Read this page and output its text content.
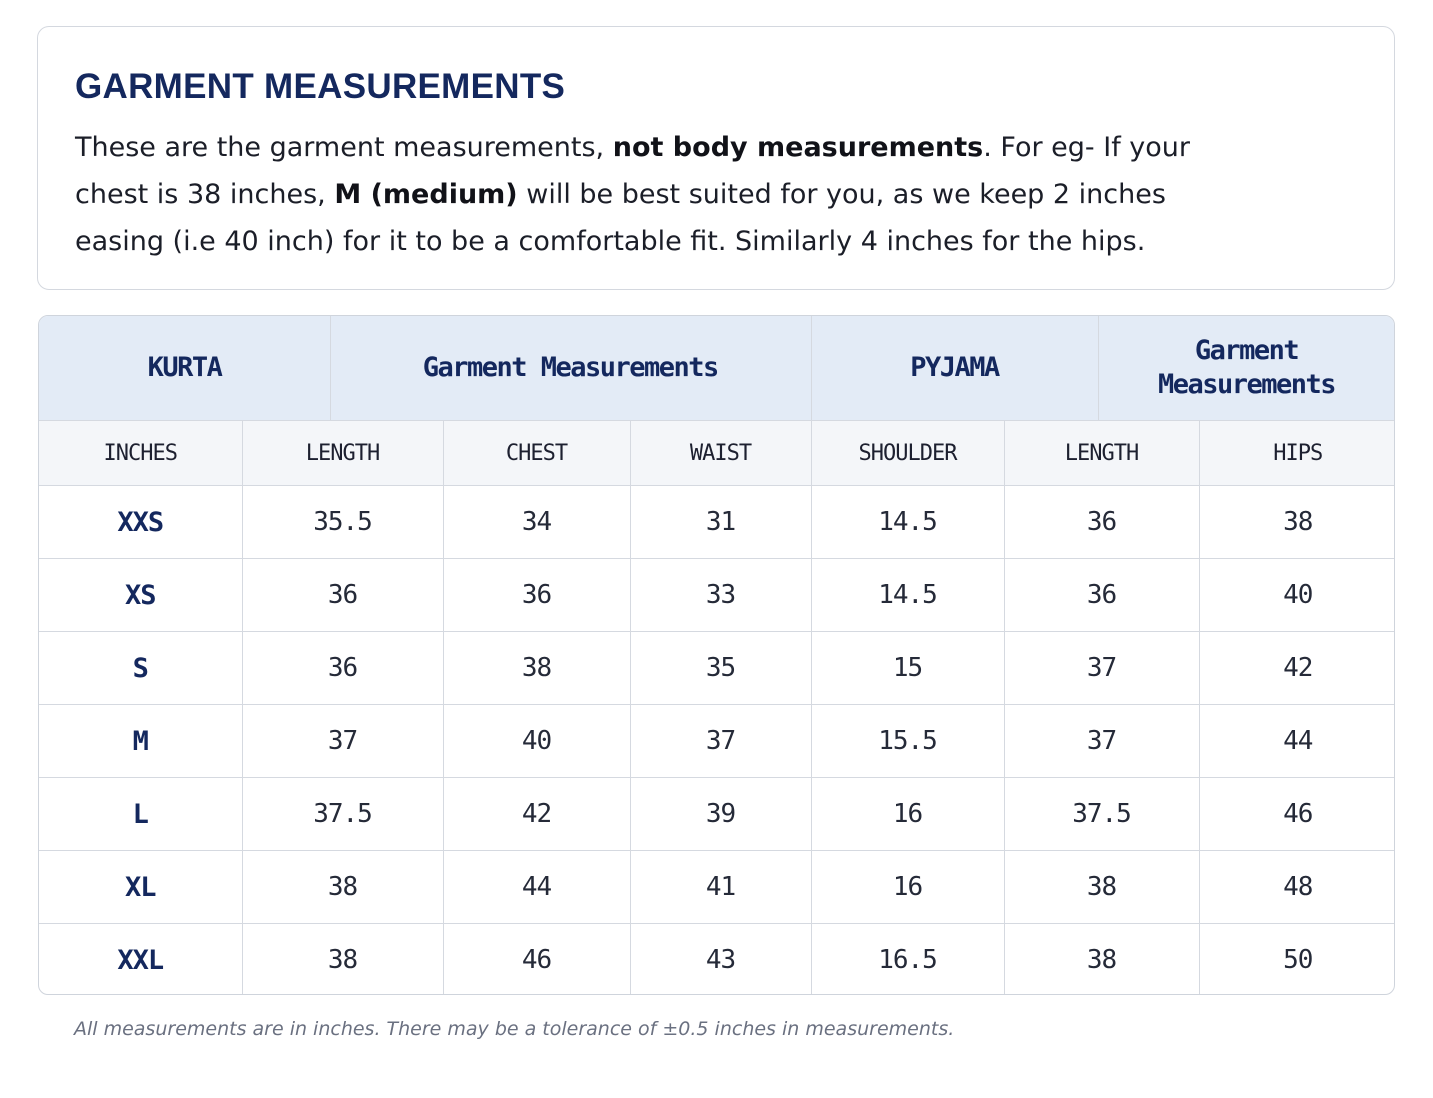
GARMENT MEASUREMENTS

These are the garment measurements, not body measurements. For eg- If your chest is 38 inches, M (medium) will be best suited for you, as we keep 2 inches easing (i.e 40 inch) for it to be a comfortable fit. Similarly 4 inches for the hips.

KURTA		Garment Measurements		PYJAMA		Garment Measurements

INCHES	LENGTH	CHEST	WAIST	SHOULDER	LENGTH	HIPS
XXS	35.5	34	31	14.5	36	38
XS	36	36	33	14.5	36	40
S	36	38	35	15	37	42
M	37	40	37	15.5	37	44
L	37.5	42	39	16	37.5	46
XL	38	44	41	16	38	48
XXL	38	46	43	16.5	38	50

All measurements are in inches. There may be a tolerance of ±0.5 inches in measurements.
